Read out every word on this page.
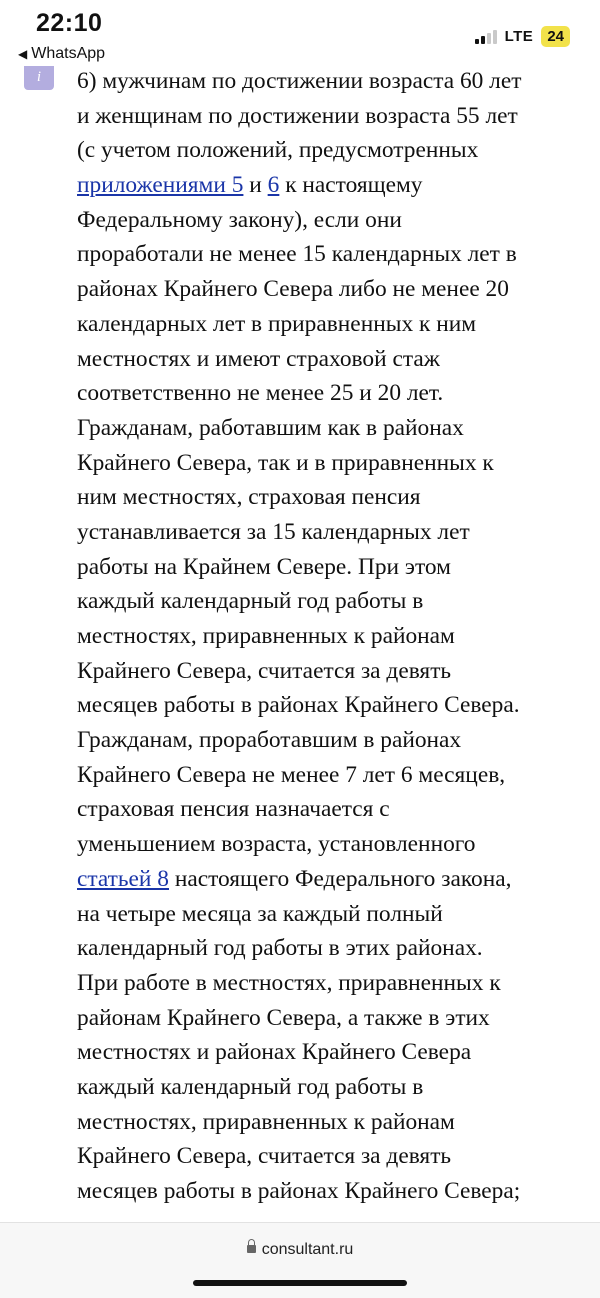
22:10
◀ WhatsApp
LTE 24
i 6) мужчинам по достижении возраста 60 лет
и женщинам по достижении возраста 55 лет
(с учетом положений, предусмотренных
приложениями 5 и 6 к настоящему
Федеральному закону), если они
проработали не менее 15 календарных лет в
районах Крайнего Севера либо не менее 20
календарных лет в приравненных к ним
местностях и имеют страховой стаж
соответственно не менее 25 и 20 лет.
Гражданам, работавшим как в районах
Крайнего Севера, так и в приравненных к
ним местностях, страховая пенсия
устанавливается за 15 календарных лет
работы на Крайнем Севере. При этом
каждый календарный год работы в
местностях, приравненных к районам
Крайнего Севера, считается за девять
месяцев работы в районах Крайнего Севера.
Гражданам, проработавшим в районах
Крайнего Севера не менее 7 лет 6 месяцев,
страховая пенсия назначается с
уменьшением возраста, установленного
статьей 8 настоящего Федерального закона,
на четыре месяца за каждый полный
календарный год работы в этих районах.
При работе в местностях, приравненных к
районам Крайнего Севера, а также в этих
местностях и районах Крайнего Севера
каждый календарный год работы в
местностях, приравненных к районам
Крайнего Севера, считается за девять
месяцев работы в районах Крайнего Севера;
consultant.ru
